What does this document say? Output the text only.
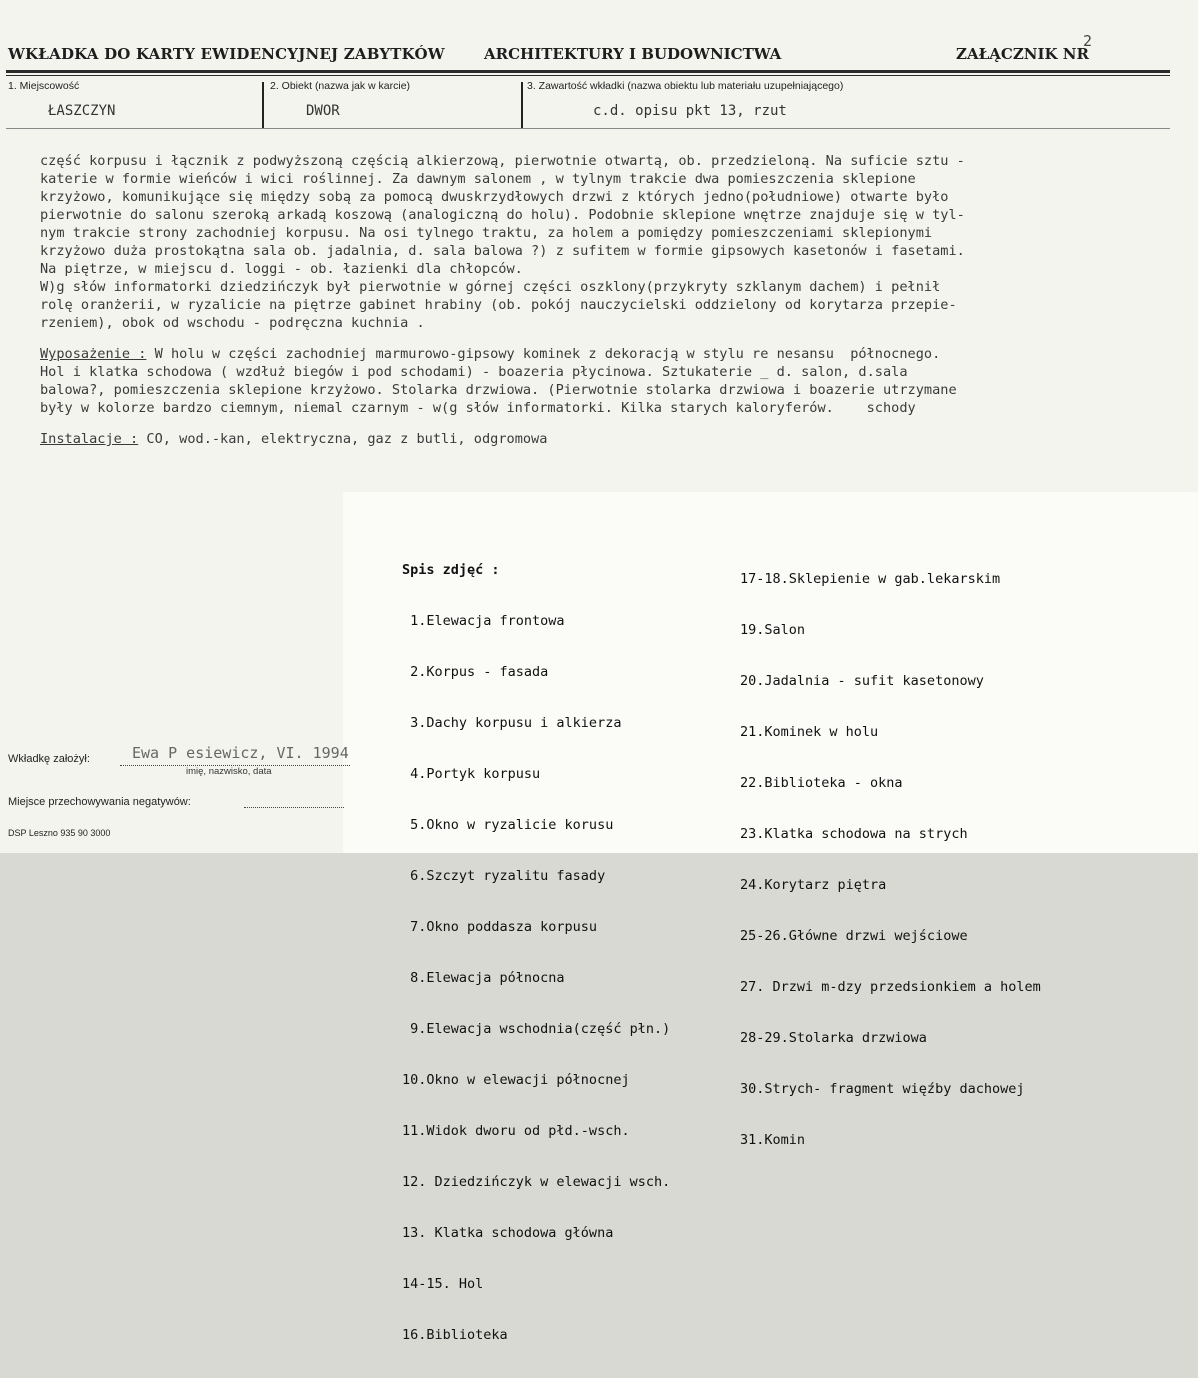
2
WKŁADKA DO KARTY EWIDENCYJNEJ ZABYTKÓW	ARCHITEKTURY I BUDOWNICTWA	ZAŁĄCZNIK NR
1. Miejscowość	2. Obiekt (nazwa jak w karcie)	3. Zawartość wkładki (nazwa obiektu lub materiału uzupełniającego)
ŁASZCZYN	DWOR	c.d. opisu pkt 13, rzut
część korpusu i łącznik z podwyższoną częścią alkierzową, pierwotnie otwartą, ob. przedzieloną. Na suficie sztu -
katerie w formie wieńców i wici roślinnej. Za dawnym salonem , w tylnym trakcie dwa pomieszczenia sklepione
krzyżowo, komunikujące się między sobą za pomocą dwuskrzydłowych drzwi z których jedno(południowe) otwarte było
pierwotnie do salonu szeroką arkadą koszową (analogiczną do holu). Podobnie sklepione wnętrze znajduje się w tyl-
nym trakcie strony zachodniej korpusu. Na osi tylnego traktu, za holem a pomiędzy pomieszczeniami sklepionymi
krzyżowo duża prostokątna sala ob. jadalnia, d. sala balowa ?) z sufitem w formie gipsowych kasetonów i fasetami.
Na piętrze, w miejscu d. loggi - ob. łazienki dla chłopców.
W)g słów informatorki dziedzińczyk był pierwotnie w górnej części oszklony(przykryty szklanym dachem) i pełnił
rolę oranżerii, w ryzalicie na piętrze gabinet hrabiny (ob. pokój nauczycielski oddzielony od korytarza przepie-
rzeniem), obok od wschodu - podręczna kuchnia .
Wyposażenie : W holu w części zachodniej marmurowo-gipsowy kominek z dekoracją w stylu re nesansu  północnego.
Hol i klatka schodowa ( wzdłuż biegów i pod schodami) - boazeria płycinowa. Sztukaterie _ d. salon, d.sala
balowa?, pomieszczenia sklepione krzyżowo. Stolarka drzwiowa. (Pierwotnie stolarka drzwiowa i boazerie utrzymane
były w kolorze bardzo ciemnym, niemal czarnym - w(g słów informatorki. Kilka starych kaloryferów.    schody
Instalacje : CO, wod.-kan, elektryczna, gaz z butli, odgromowa

Spis zdjęć :

1.Elewacja frontowa

2.Korpus - fasada

3.Dachy korpusu i alkierza

4.Portyk korpusu

5.Okno w ryzalicie korusu

6.Szczyt ryzalitu fasady

7.Okno poddasza korpusu

8.Elewacja północna

9.Elewacja wschodnia(część płn.)

10.Okno w elewacji północnej

11.Widok dworu od płd.-wsch.

12. Dziedzińczyk w elewacji wsch.

13. Klatka schodowa główna

14-15. Hol

16.Biblioteka

17-18.Sklepienie w gab.lekarskim

19.Salon

20.Jadalnia - sufit kasetonowy

21.Kominek w holu

22.Biblioteka - okna

23.Klatka schodowa na strych

24.Korytarz piętra

25-26.Główne drzwi wejściowe

27. Drzwi m-dzy przedsionkiem a holem

28-29.Stolarka drzwiowa

30.Strych- fragment więźby dachowej

31.Komin

Wkładkę założył:	Ewa P esiewicz, VI. 1994
imię, nazwisko, data
Miejsce przechowywania negatywów:
DSP Leszno 935 90 3000
